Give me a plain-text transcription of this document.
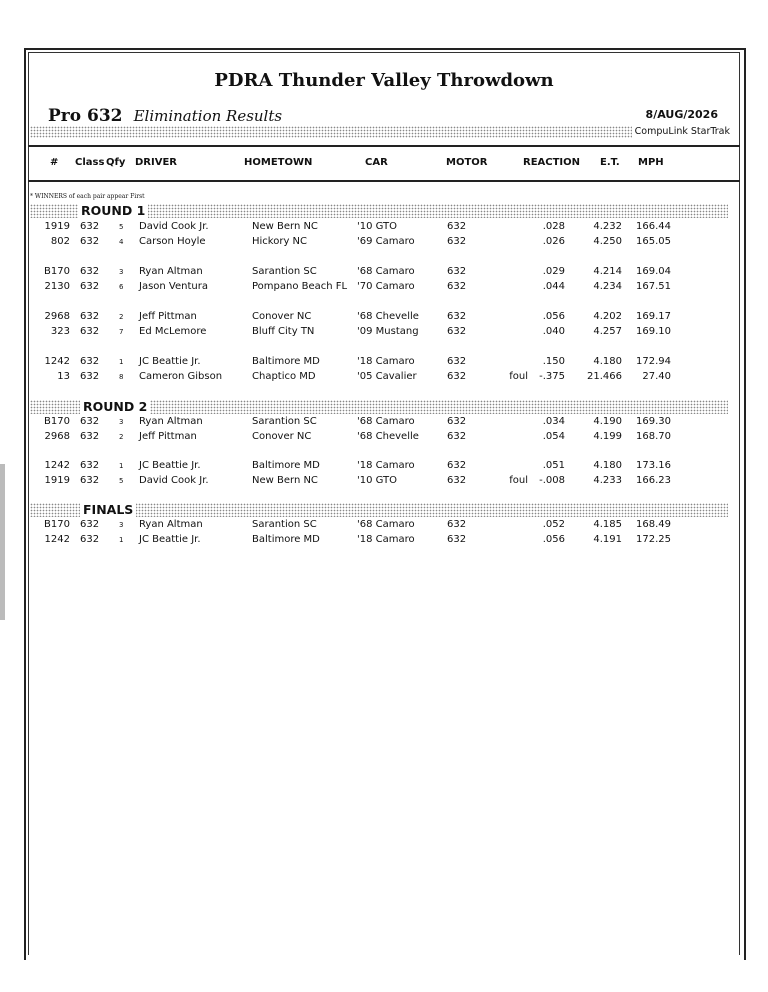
PDRA Thunder Valley Throwdown
Pro 632 Elimination Results	8/AUG/2026
CompuLink StarTrak
# Class Qfy DRIVER	HOMETOWN	CAR	MOTOR	REACTION E.T. MPH
* WINNERS of each pair appear First
ROUND 1
1919 632	5 David Cook Jr.	New Bern NC	'10 GTO	632	.028	4.232 166.44
802 632	4 Carson Hoyle	Hickory NC	'69 Camaro	632	.026	4.250 165.05
B170 632	3 Ryan Altman	Sarantion SC	'68 Camaro	632	.029	4.214 169.04
2130 632	6 Jason Ventura	Pompano Beach FL '70 Camaro	632	.044	4.234 167.51
2968 632	2 Jeff Pittman	Conover NC	'68 Chevelle	632	.056	4.202 169.17
323 632	7 Ed McLemore	Bluff City TN	'09 Mustang	632	.040	4.257 169.10
1242 632	1 JC Beattie Jr.	Baltimore MD	'18 Camaro	632	.150	4.180 172.94
13 632	8 Cameron Gibson	Chaptico MD	'05 Cavalier	632	foul -.375 21.466 27.40
ROUND 2
B170 632	3 Ryan Altman	Sarantion SC	'68 Camaro	632	.034	4.190 169.30
2968 632	2 Jeff Pittman	Conover NC	'68 Chevelle	632	.054	4.199 168.70
1242 632	1 JC Beattie Jr.	Baltimore MD	'18 Camaro	632	.051	4.180 173.16
1919 632	5 David Cook Jr.	New Bern NC	'10 GTO	632	foul -.008	4.233 166.23
FINALS
B170 632	3 Ryan Altman	Sarantion SC	'68 Camaro	632	.052	4.185 168.49
1242 632	1 JC Beattie Jr.	Baltimore MD	'18 Camaro	632	.056	4.191 172.25
